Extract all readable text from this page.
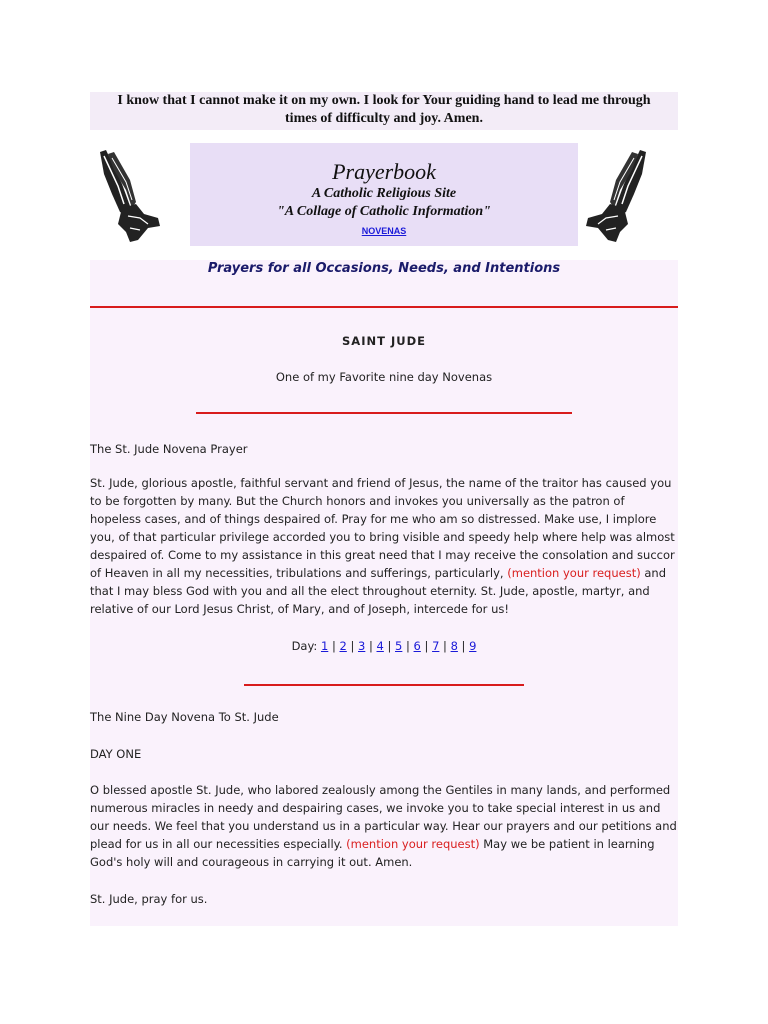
I know that I cannot make it on my own. I look for Your guiding hand to lead me through
times of difficulty and joy. Amen.
Prayerbook
A Catholic Religious Site
"A Collage of Catholic Information"
NOVENAS
Prayers for all Occasions, Needs, and Intentions
SAINT JUDE
One of my Favorite nine day Novenas
The St. Jude Novena Prayer
St. Jude, glorious apostle, faithful servant and friend of Jesus, the name of the traitor has caused you to be forgotten by many. But the Church honors and invokes you universally as the patron of hopeless cases, and of things despaired of. Pray for me who am so distressed. Make use, I implore you, of that particular privilege accorded you to bring visible and speedy help where help was almost despaired of. Come to my assistance in this great need that I may receive the consolation and succor of Heaven in all my necessities, tribulations and sufferings, particularly, (mention your request) and that I may bless God with you and all the elect throughout eternity. St. Jude, apostle, martyr, and relative of our Lord Jesus Christ, of Mary, and of Joseph, intercede for us!
Day: 1 | 2 | 3 | 4 | 5 | 6 | 7 | 8 | 9
The Nine Day Novena To St. Jude
DAY ONE
O blessed apostle St. Jude, who labored zealously among the Gentiles in many lands, and performed numerous miracles in needy and despairing cases, we invoke you to take special interest in us and our needs. We feel that you understand us in a particular way. Hear our prayers and our petitions and plead for us in all our necessities especially. (mention your request) May we be patient in learning God's holy will and courageous in carrying it out. Amen.
St. Jude, pray for us.
